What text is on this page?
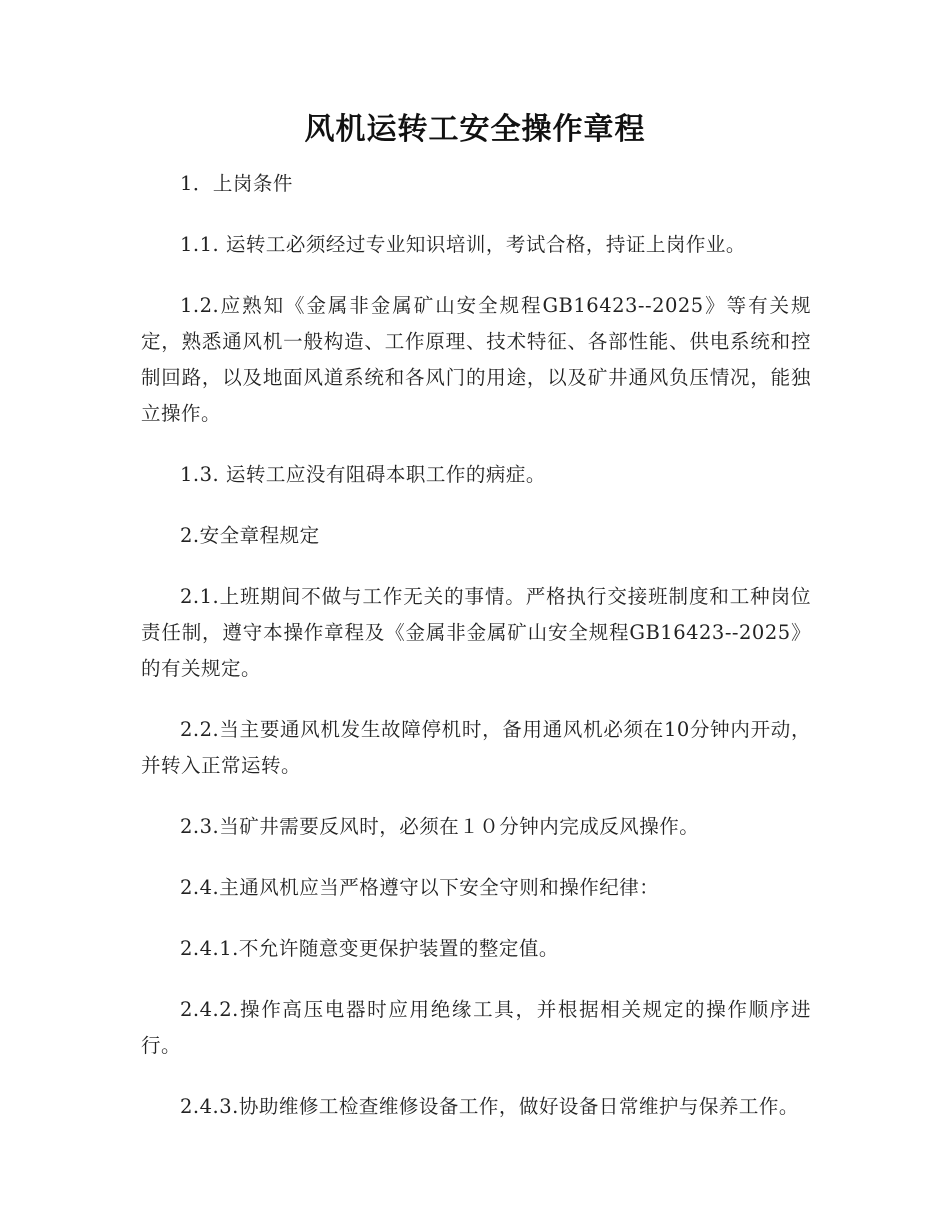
风机运转工安全操作章程

1．上岗条件

1.1. 运转工必须经过专业知识培训，考试合格，持证上岗作业。

1.2.应熟知《金属非金属矿山安全规程GB16423--2025》等有关规定，熟悉通风机一般构造、工作原理、技术特征、各部性能、供电系统和控制回路，以及地面风道系统和各风门的用途，以及矿井通风负压情况，能独立操作。

1.3. 运转工应没有阻碍本职工作的病症。

2.安全章程规定

2.1.上班期间不做与工作无关的事情。严格执行交接班制度和工种岗位责任制，遵守本操作章程及《金属非金属矿山安全规程GB16423--2025》的有关规定。

2.2.当主要通风机发生故障停机时，备用通风机必须在10分钟内开动，并转入正常运转。

2.3.当矿井需要反风时，必须在１０分钟内完成反风操作。

2.4.主通风机应当严格遵守以下安全守则和操作纪律：

2.4.1.不允许随意变更保护装置的整定值。

2.4.2.操作高压电器时应用绝缘工具，并根据相关规定的操作顺序进行。

2.4.3.协助维修工检查维修设备工作，做好设备日常维护与保养工作。
